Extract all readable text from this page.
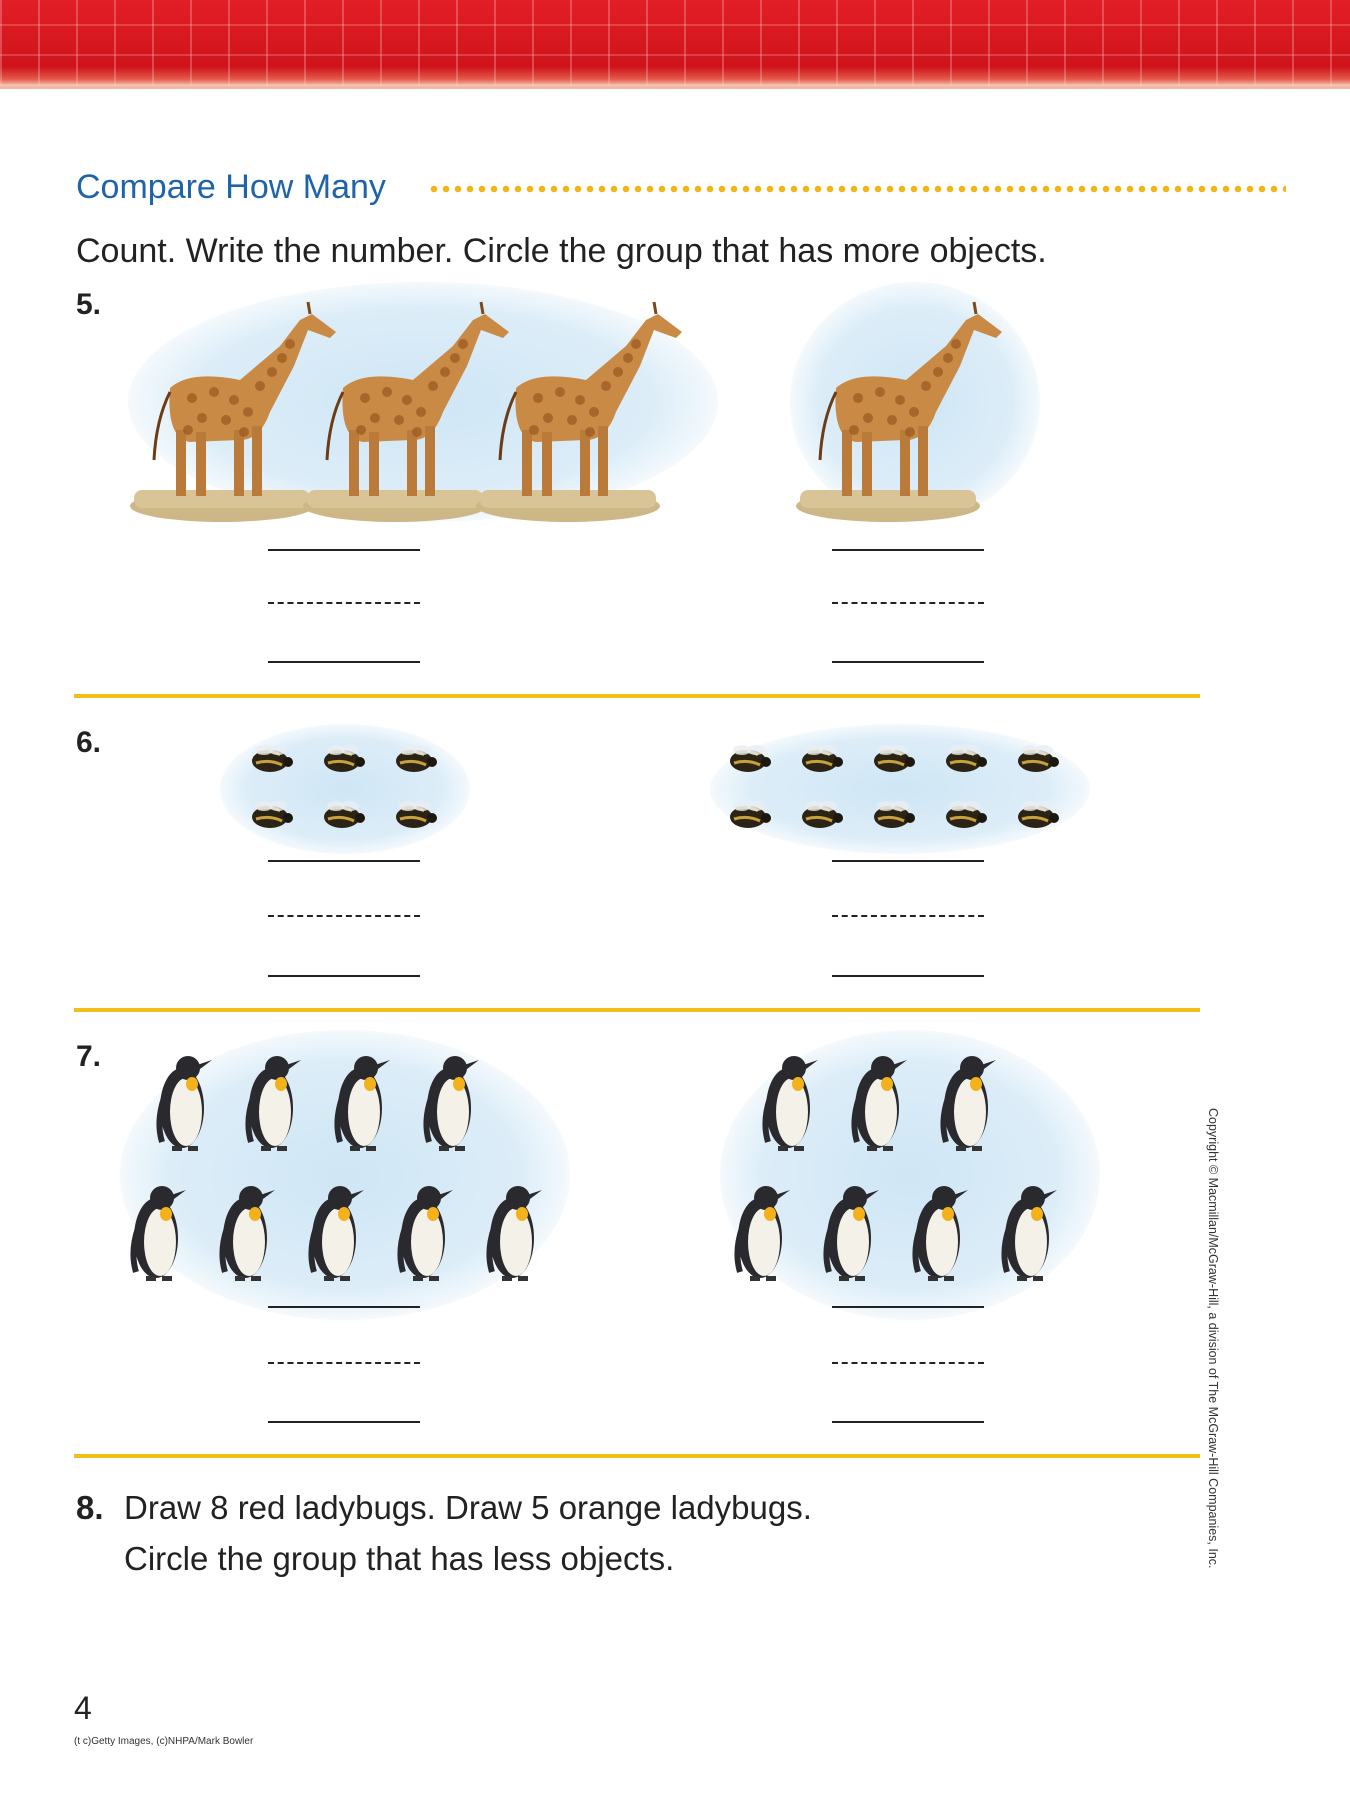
Compare How Many
Count. Write the number. Circle the group that has more objects.
5.
6.
7.
8. Draw 8 red ladybugs. Draw 5 orange ladybugs.
Circle the group that has less objects.
4
(t c)Getty Images, (c)NHPA/Mark Bowler
Copyright © Macmillan/McGraw-Hill, a division of The McGraw-Hill Companies, Inc.
